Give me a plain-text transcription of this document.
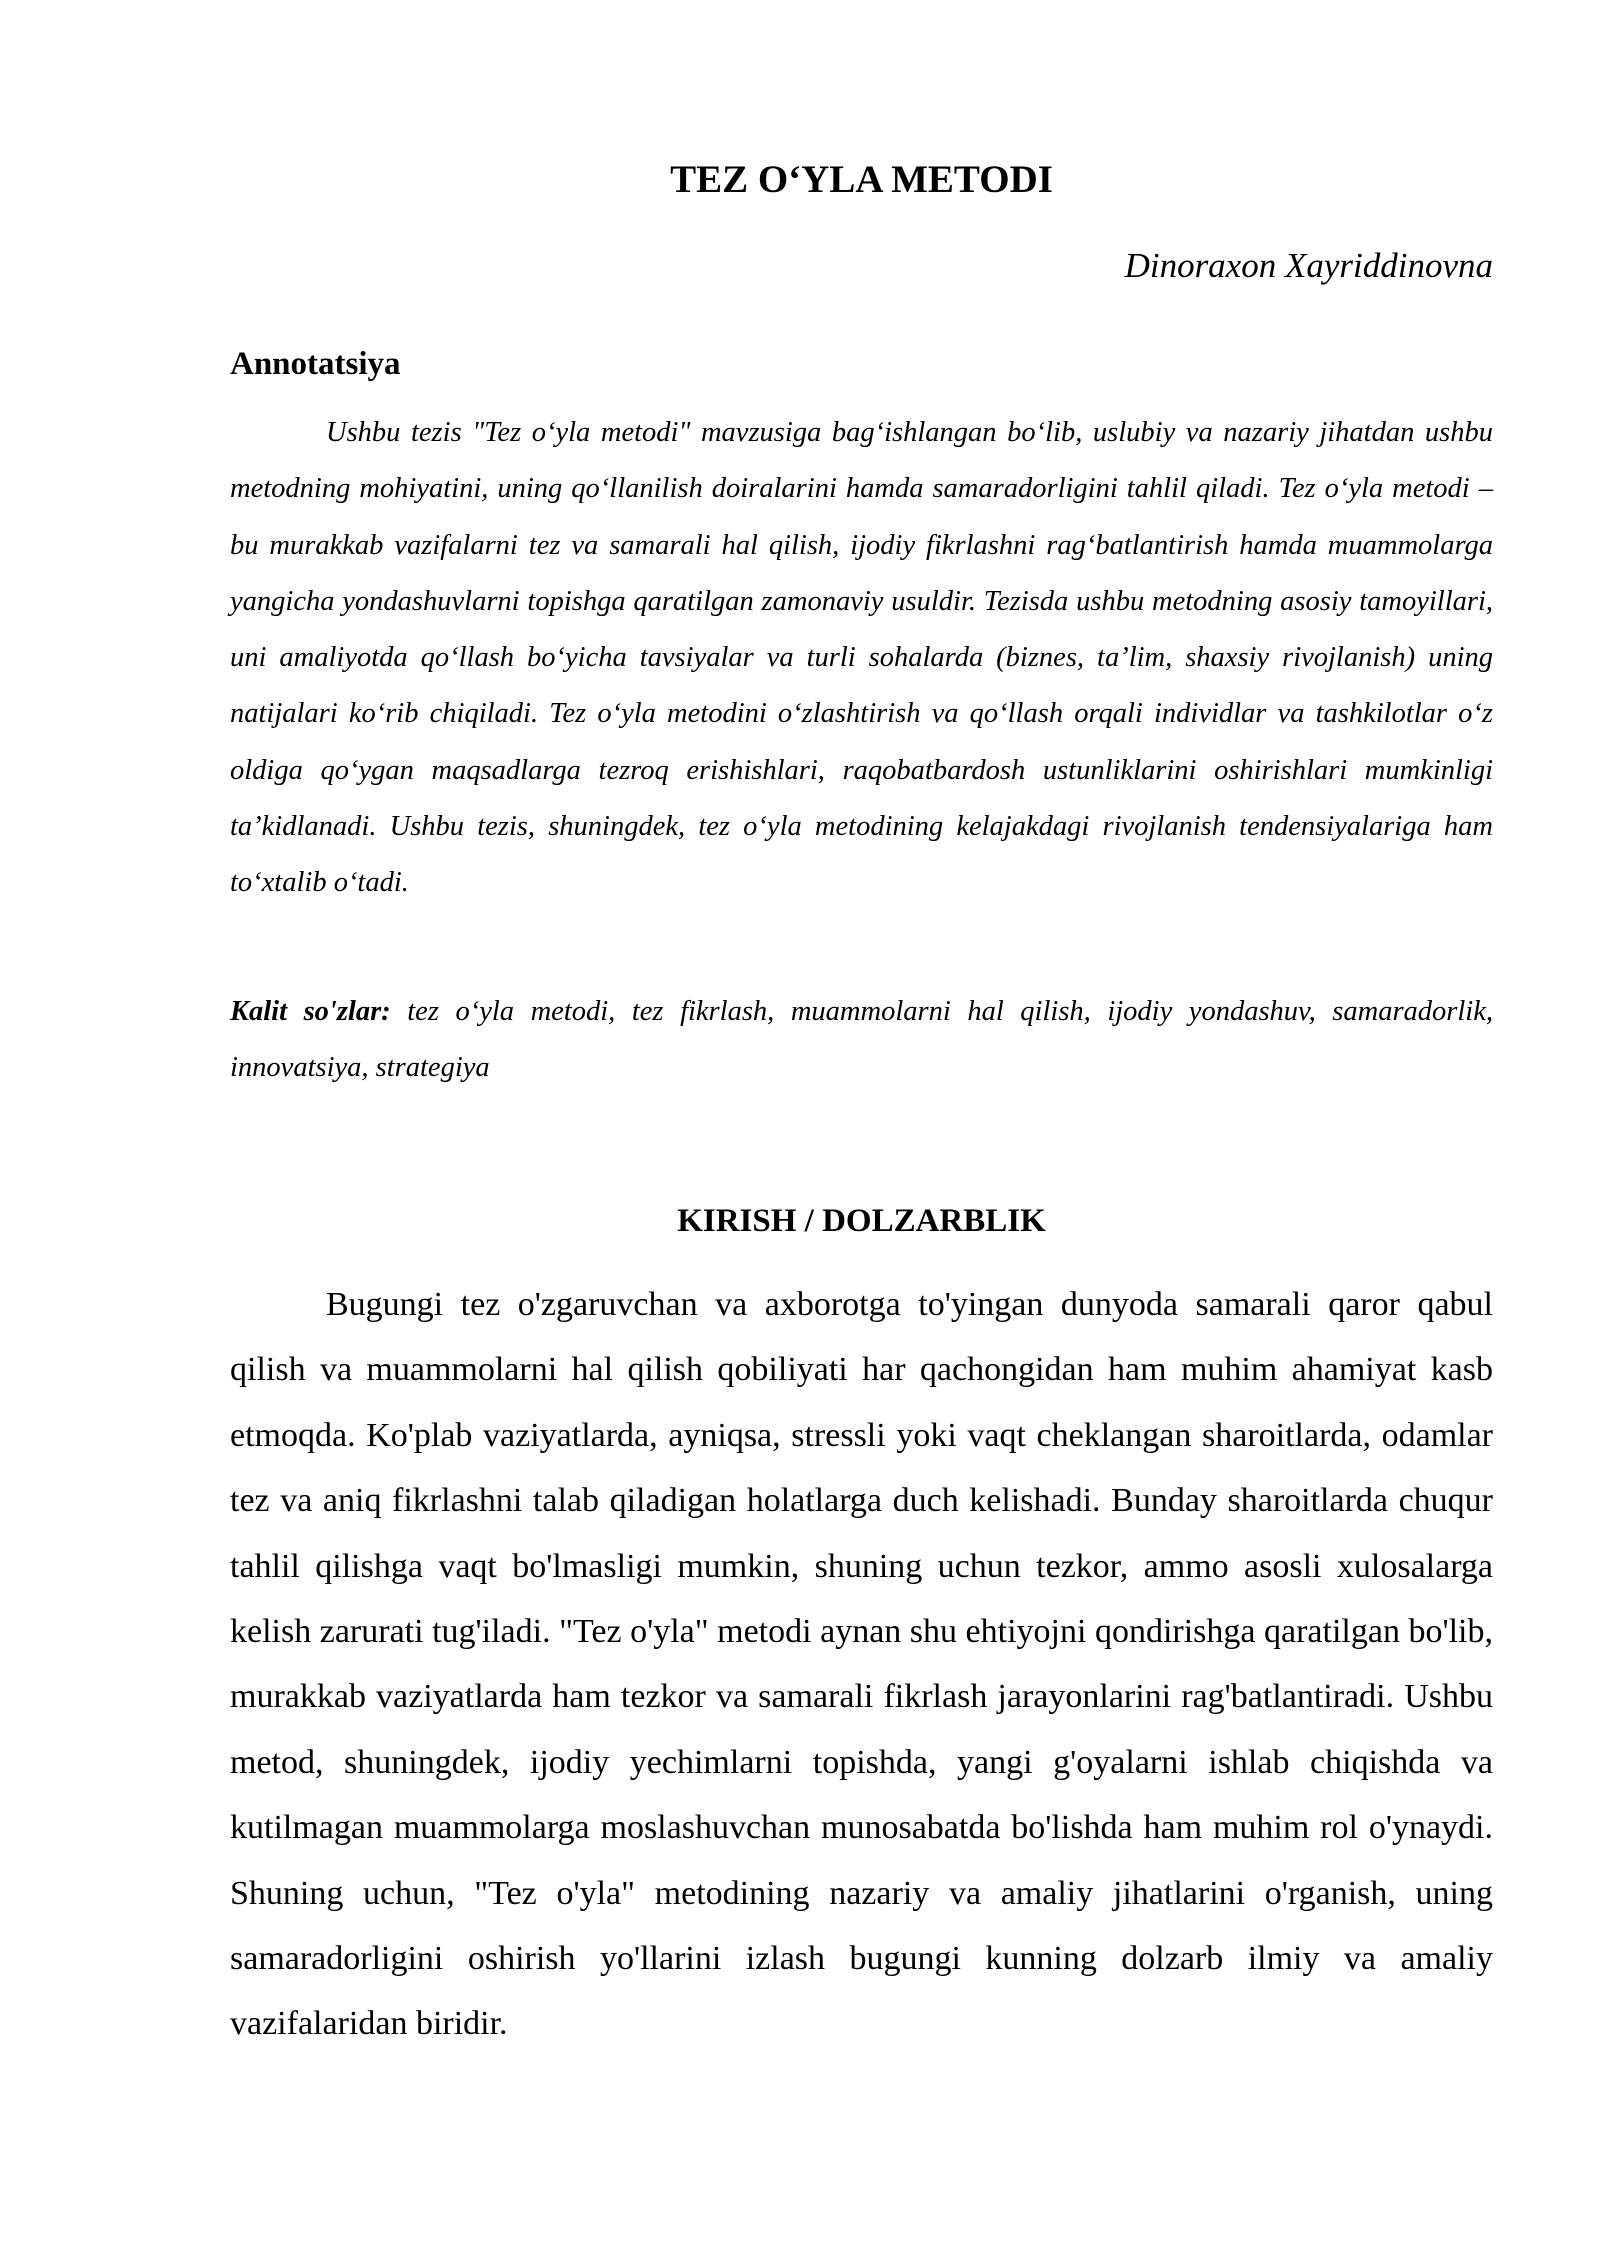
TEZ O‘YLA METODI

Dinoraxon Xayriddinovna

Annotatsiya

Ushbu tezis "Tez o‘yla metodi" mavzusiga bag‘ishlangan bo‘lib, uslubiy va nazariy jihatdan ushbu metodning mohiyatini, uning qo‘llanilish doiralarini hamda samaradorligini tahlil qiladi. Tez o‘yla metodi – bu murakkab vazifalarni tez va samarali hal qilish, ijodiy fikrlashni rag‘batlantirish hamda muammolarga yangicha yondashuvlarni topishga qaratilgan zamonaviy usuldir. Tezisda ushbu metodning asosiy tamoyillari, uni amaliyotda qo‘llash bo‘yicha tavsiyalar va turli sohalarda (biznes, ta’lim, shaxsiy rivojlanish) uning natijalari ko‘rib chiqiladi. Tez o‘yla metodini o‘zlashtirish va qo‘llash orqali individlar va tashkilotlar o‘z oldiga qo‘ygan maqsadlarga tezroq erishishlari, raqobatbardosh ustunliklarini oshirishlari mumkinligi ta’kidlanadi. Ushbu tezis, shuningdek, tez o‘yla metodining kelajakdagi rivojlanish tendensiyalariga ham to‘xtalib o‘tadi.

Kalit so'zlar: tez o‘yla metodi, tez fikrlash, muammolarni hal qilish, ijodiy yondashuv, samaradorlik, innovatsiya, strategiya

KIRISH / DOLZARBLIK

Bugungi tez o'zgaruvchan va axborotga to'yingan dunyoda samarali qaror qabul qilish va muammolarni hal qilish qobiliyati har qachongidan ham muhim ahamiyat kasb etmoqda. Ko'plab vaziyatlarda, ayniqsa, stressli yoki vaqt cheklangan sharoitlarda, odamlar tez va aniq fikrlashni talab qiladigan holatlarga duch kelishadi. Bunday sharoitlarda chuqur tahlil qilishga vaqt bo'lmasligi mumkin, shuning uchun tezkor, ammo asosli xulosalarga kelish zarurati tug'iladi. "Tez o'yla" metodi aynan shu ehtiyojni qondirishga qaratilgan bo'lib, murakkab vaziyatlarda ham tezkor va samarali fikrlash jarayonlarini rag'batlantiradi. Ushbu metod, shuningdek, ijodiy yechimlarni topishda, yangi g'oyalarni ishlab chiqishda va kutilmagan muammolarga moslashuvchan munosabatda bo'lishda ham muhim rol o'ynaydi. Shuning uchun, "Tez o'yla" metodining nazariy va amaliy jihatlarini o'rganish, uning samaradorligini oshirish yo'llarini izlash bugungi kunning dolzarb ilmiy va amaliy vazifalaridan biridir.
